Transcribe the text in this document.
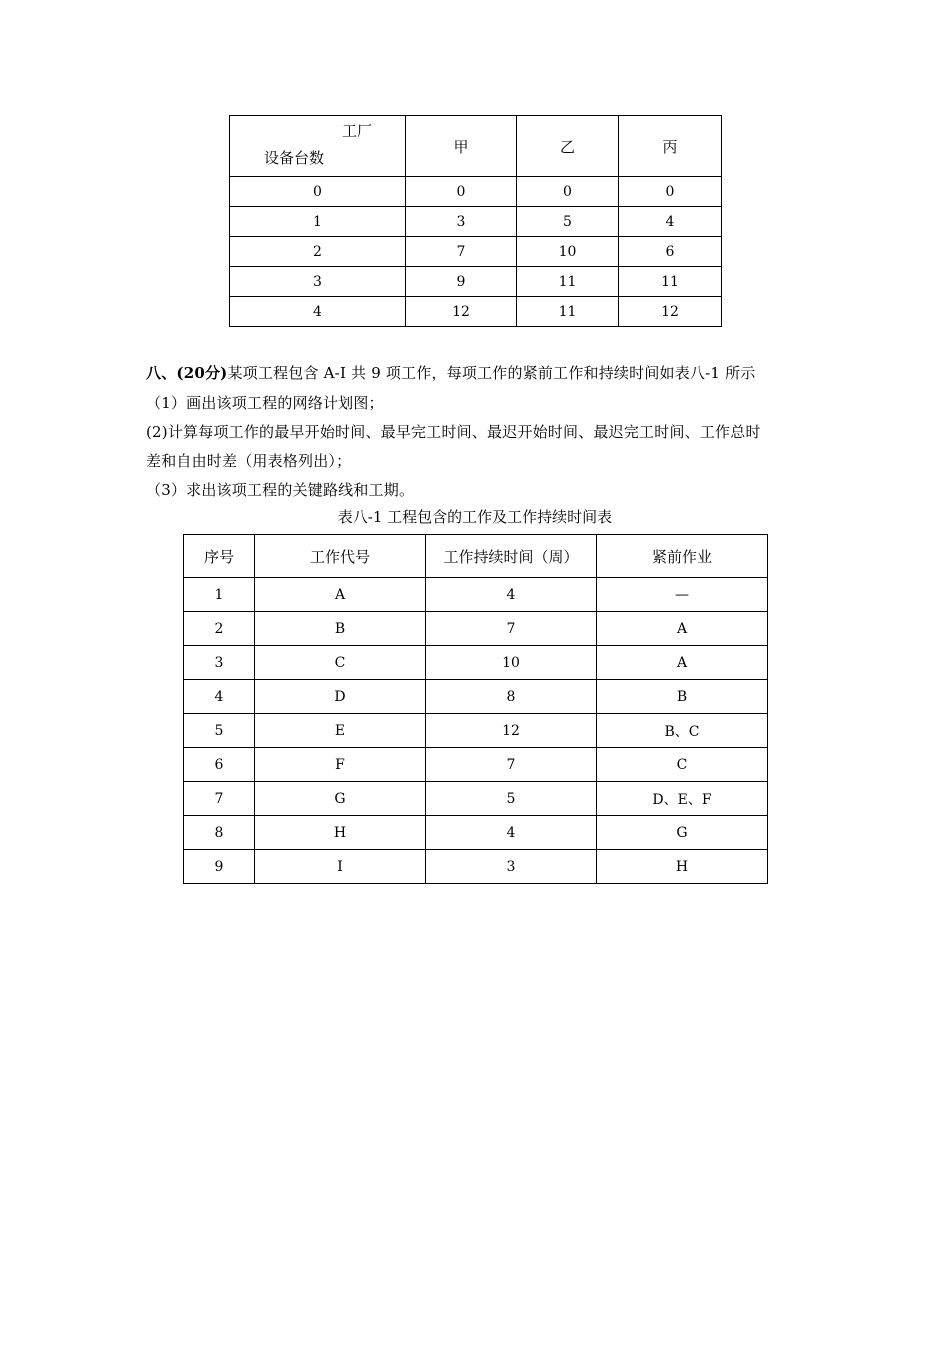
工厂
设备台数	甲	乙	丙
0	0	0	0
1	3	5	4
2	7	10	6
3	9	11	11
4	12	11	12
八、(20分)某项工程包含 A-I 共 9 项工作，每项工作的紧前工作和持续时间如表八-1 所示
（1）画出该项工程的网络计划图；
(2)计算每项工作的最早开始时间、最早完工时间、最迟开始时间、最迟完工时间、工作总时
差和自由时差（用表格列出）；
（3）求出该项工程的关键路线和工期。
表八-1 工程包含的工作及工作持续时间表
序号	工作代号	工作持续时间（周）	紧前作业
1	A	4	—
2	B	7	A
3	C	10	A
4	D	8	B
5	E	12	B、C
6	F	7	C
7	G	5	D、E、F
8	H	4	G
9	I	3	H
